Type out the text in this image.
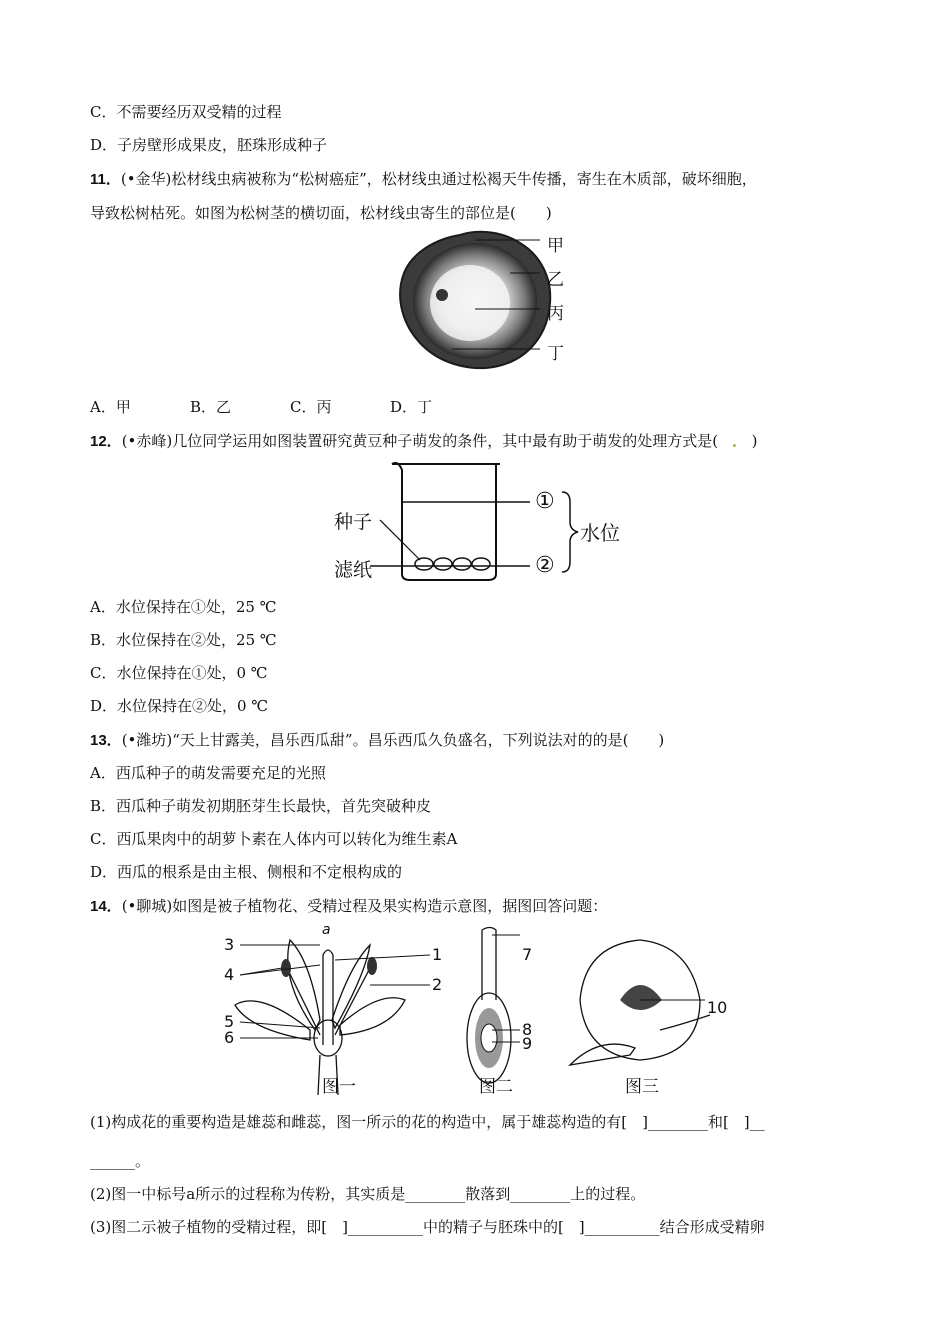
C．不需要经历双受精的过程
D．子房壁形成果皮，胚珠形成种子
11．(•金华)松材线虫病被称为“松树癌症”，松材线虫通过松褐天牛传播，寄生在木质部，破坏细胞，
导致松树枯死。如图为松树茎的横切面，松材线虫寄生的部位是(　　)
甲
乙
丙
丁
A．甲	B．乙	C．丙	D．丁
12．(•赤峰)几位同学运用如图装置研究黄豆种子萌发的条件，其中最有助于萌发的处理方式是( ． )
种子
滤纸
①
②
水位
A．水位保持在①处，25 ℃
B．水位保持在②处，25 ℃
C．水位保持在①处，0 ℃
D．水位保持在②处，0 ℃
13．(•潍坊)“天上甘露美，昌乐西瓜甜”。昌乐西瓜久负盛名，下列说法对的的是(　　)
A．西瓜种子的萌发需要充足的光照
B．西瓜种子萌发初期胚芽生长最快，首先突破种皮
C．西瓜果肉中的胡萝卜素在人体内可以转化为维生素A
D．西瓜的根系是由主根、侧根和不定根构成的
14．(•聊城)如图是被子植物花、受精过程及果实构造示意图，据图回答问题：
3
a
1
4
2
5
6
7
8
9
10
图一	图二	图三
(1)构成花的重要构造是雄蕊和雌蕊，图一所示的花的构造中，属于雄蕊构造的有[　]________和[　]__
______。
(2)图一中标号a所示的过程称为传粉，其实质是________散落到________上的过程。
(3)图二示被子植物的受精过程，即[　]__________中的精子与胚珠中的[　]__________结合形成受精卵
